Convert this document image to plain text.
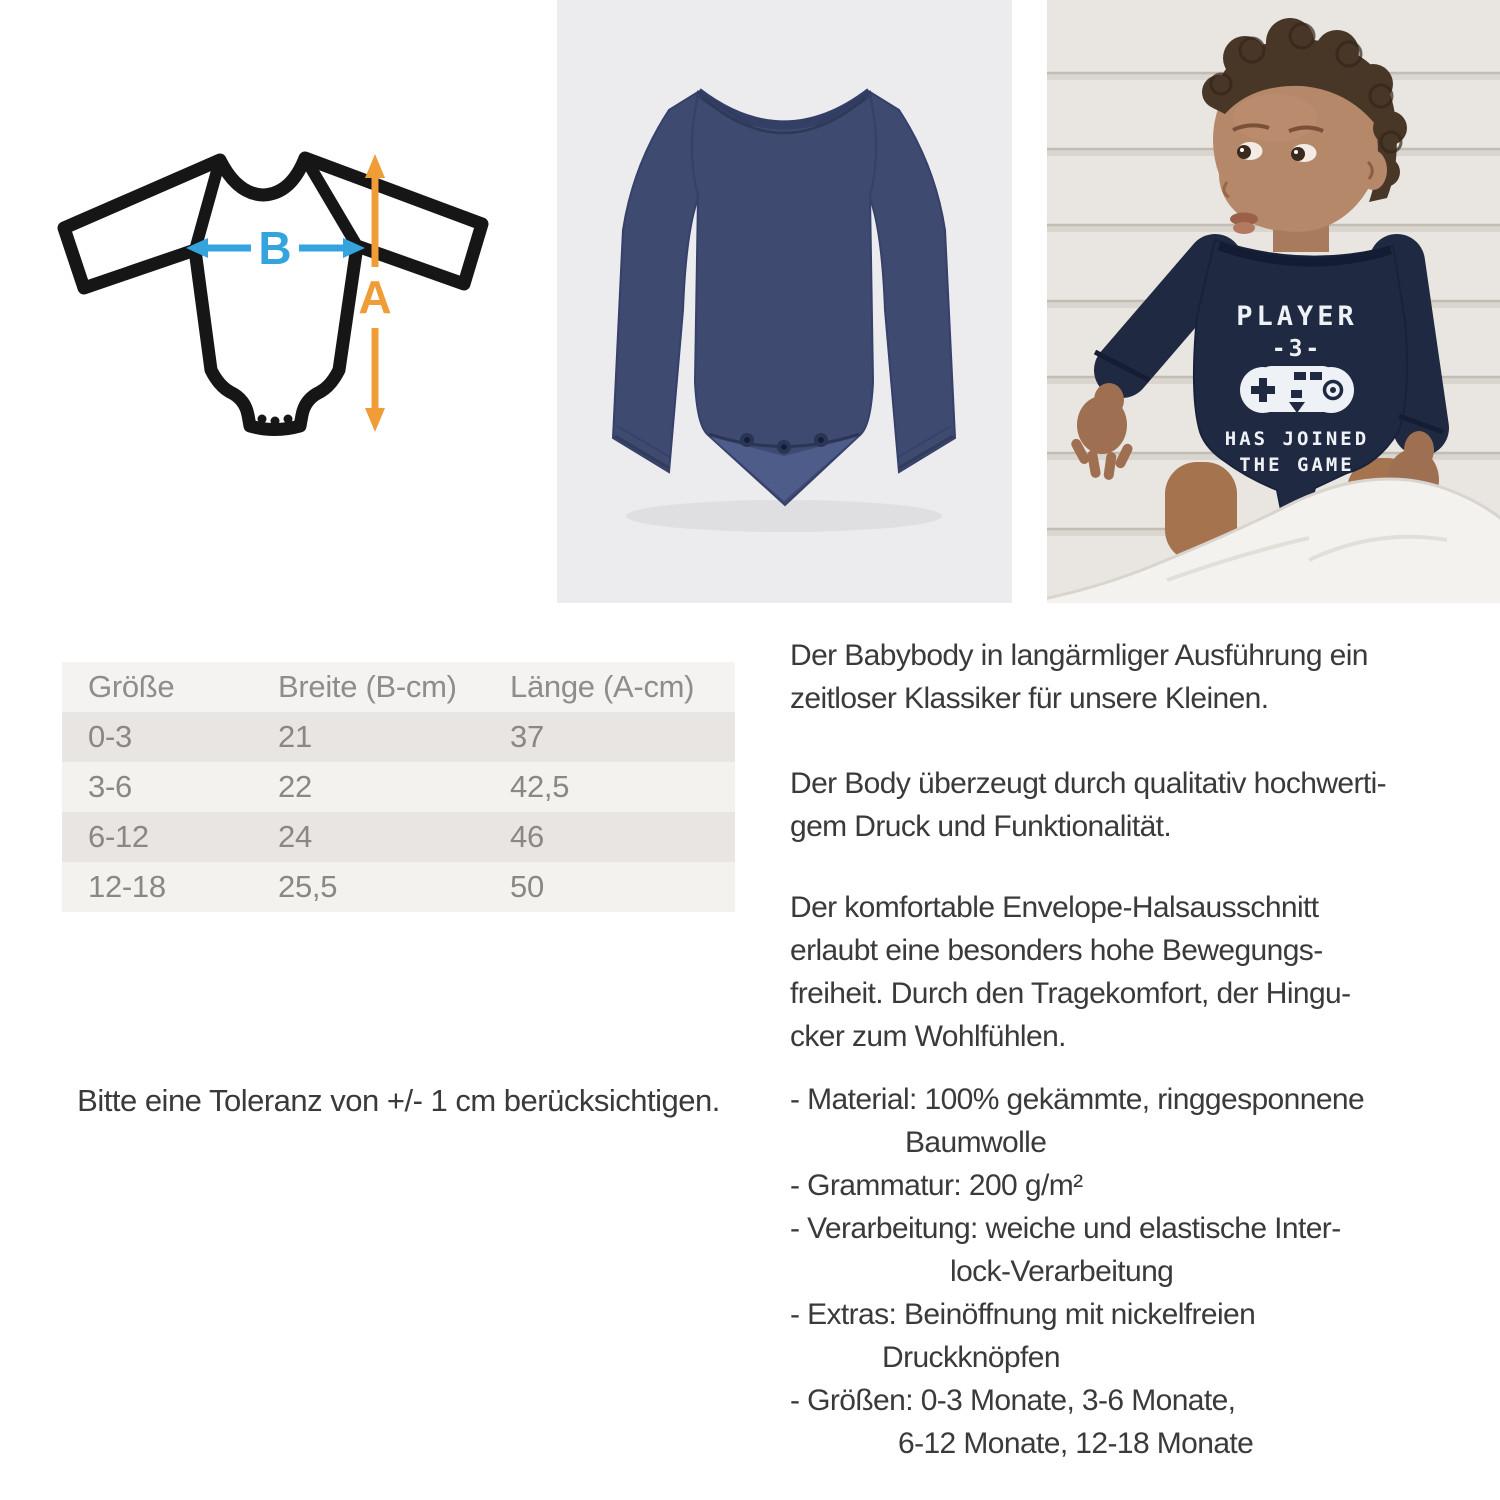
B
A	PLAYER
-3-
HAS JOINED
THE GAME
Größe	Breite (B-cm)	Länge (A-cm)
0-3	21	37
3-6	22	42,5
6-12	24	46
12-18	25,5	50
Bitte eine Toleranz von +/- 1 cm berücksichtigen.
Der Babybody in langärmliger Ausführung ein
zeitloser Klassiker für unsere Kleinen.
Der Body überzeugt durch qualitativ hochwerti-
gem Druck und Funktionalität.
Der komfortable Envelope-Halsausschnitt
erlaubt eine besonders hohe Bewegungs-
freiheit. Durch den Tragekomfort, der Hingu-
cker zum Wohlfühlen.
- Material: 100% gekämmte, ringgesponnene
Baumwolle
- Grammatur: 200 g/m²
- Verarbeitung: weiche und elastische Inter-
lock-Verarbeitung
- Extras: Beinöffnung mit nickelfreien
Druckknöpfen
- Größen: 0-3 Monate, 3-6 Monate,
6-12 Monate, 12-18 Monate
